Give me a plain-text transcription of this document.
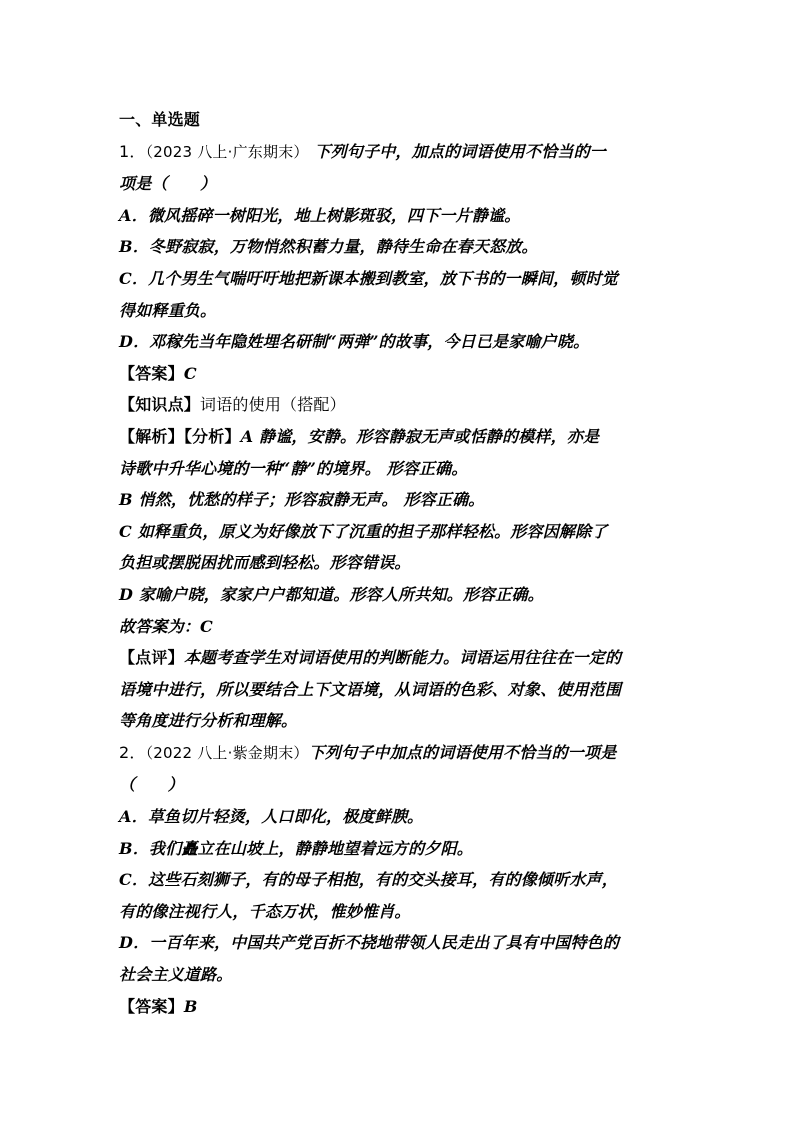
一、单选题
1．（2023 八上·广东期末） 下列句子中，加点的词语使用不恰当的一
项是（　　）
A．微风摇碎一树阳光，地上树影斑驳，四下一片静谧。
B．冬野寂寂，万物悄然积蓄力量，静待生命在春天怒放。
C．几个男生气喘吁吁地把新课本搬到教室，放下书的一瞬间，顿时觉
得如释重负。
D．邓稼先当年隐姓埋名研制“两弹”的故事，今日已是家喻户晓。
【答案】C
【知识点】词语的使用（搭配）
【解析】【分析】A 静谧，安静。形容静寂无声或恬静的模样，亦是
诗歌中升华心境的一种“静”的境界。 形容正确。
B 悄然，忧愁的样子；形容寂静无声。 形容正确。
C 如释重负，原义为好像放下了沉重的担子那样轻松。形容因解除了
负担或摆脱困扰而感到轻松。形容错误。
D 家喻户晓，家家户户都知道。形容人所共知。形容正确。
故答案为：C
【点评】本题考查学生对词语使用的判断能力。词语运用往往在一定的
语境中进行，所以要结合上下文语境，从词语的色彩、对象、使用范围
等角度进行分析和理解。
2．（2022 八上·紫金期末）下列句子中加点的词语使用不恰当的一项是
（　　）
A．草鱼切片轻烫，人口即化，极度鲜腴。
B．我们矗立在山坡上，静静地望着远方的夕阳。
C．这些石刻狮子，有的母子相抱，有的交头接耳，有的像倾听水声，
有的像注视行人，千态万状，惟妙惟肖。
D．一百年来，中国共产党百折不挠地带领人民走出了具有中国特色的
社会主义道路。
【答案】B
